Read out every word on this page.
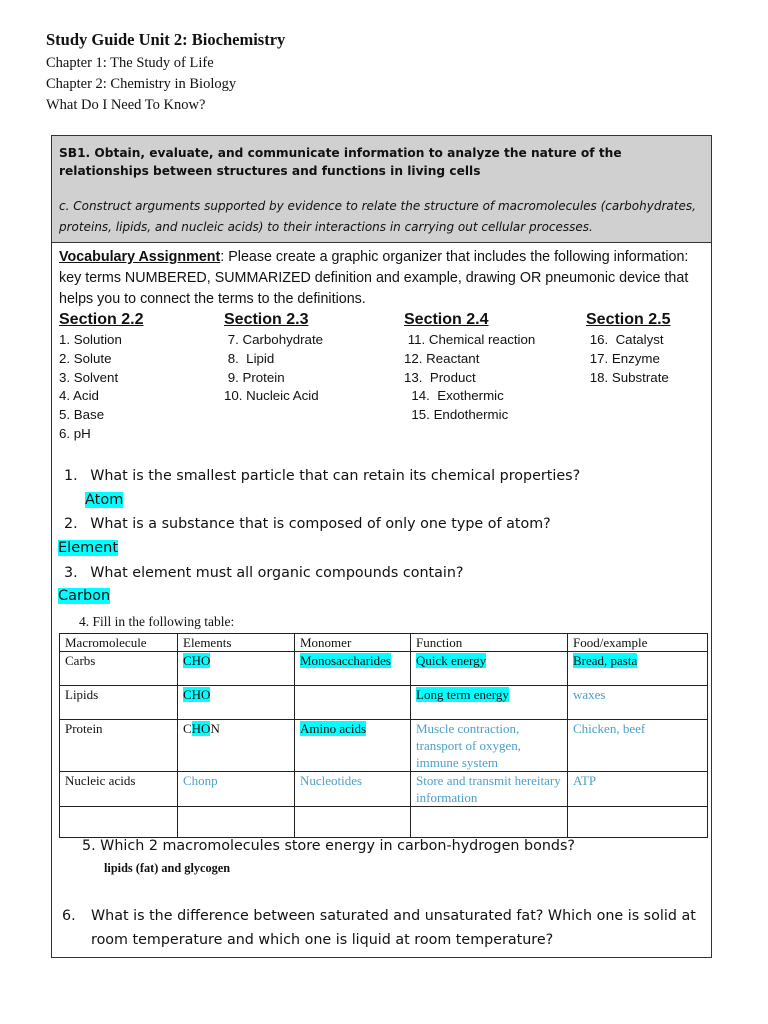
Study Guide Unit 2: Biochemistry
Chapter 1: The Study of Life
Chapter 2: Chemistry in Biology
What Do I Need To Know?
SB1. Obtain, evaluate, and communicate information to analyze the nature of the relationships between structures and functions in living cells
c. Construct arguments supported by evidence to relate the structure of macromolecules (carbohydrates, proteins, lipids, and nucleic acids) to their interactions in carrying out cellular processes.
Vocabulary Assignment: Please create a graphic organizer that includes the following information: key terms NUMBERED, SUMMARIZED definition and example, drawing OR pneumonic device that helps you to connect the terms to the definitions.
Section 2.2
1. Solution
2. Solute
3. Solvent
4. Acid
5. Base
6. pH
Section 2.3
7. Carbohydrate
8.  Lipid
9. Protein
10. Nucleic Acid
Section 2.4
11. Chemical reaction
12. Reactant
13.  Product
14.  Exothermic
15. Endothermic
Section 2.5
16.  Catalyst
17. Enzyme
18. Substrate
1. What is the smallest particle that can retain its chemical properties?
Atom
2. What is a substance that is composed of only one type of atom?
Element
3. What element must all organic compounds contain?
Carbon
4. Fill in the following table:
Macromolecule	Elements	Monomer	Function	Food/example
Carbs	CHO	Monosaccharides	Quick energy	Bread, pasta
Lipids	CHO		Long term energy	waxes
Protein	CHON	Amino acids	Muscle contraction, transport of oxygen, immune system	Chicken, beef
Nucleic acids	Chonp	Nucleotides	Store and transmit hereitary information	ATP

5. Which 2 macromolecules store energy in carbon-hydrogen bonds?
lipids (fat) and glycogen
6. What is the difference between saturated and unsaturated fat? Which one is solid at room temperature and which one is liquid at room temperature?
